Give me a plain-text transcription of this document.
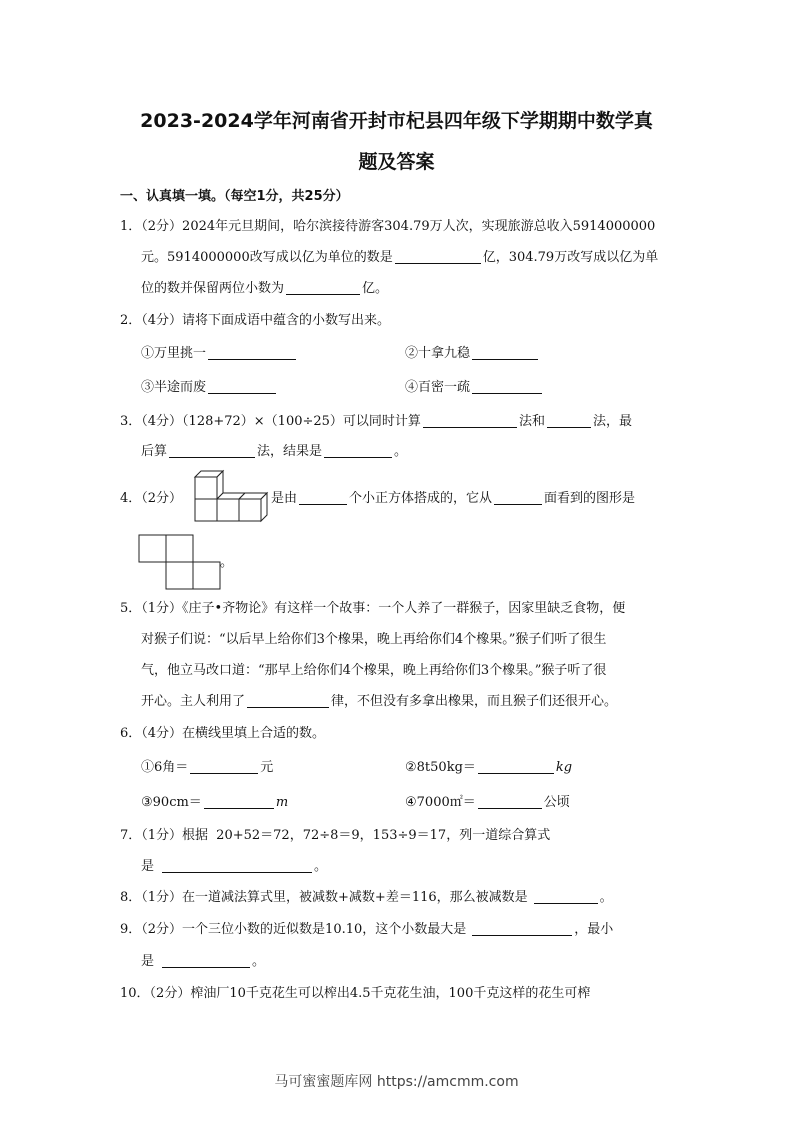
2023-2024学年河南省开封市杞县四年级下学期期中数学真
题及答案
一、认真填一填。（每空1分，共25分）
1．（2分）2024年元旦期间，哈尔滨接待游客304.79万人次，实现旅游总收入5914000000
元。5914000000改写成以亿为单位的数是	亿，304.79万改写成以亿为单
位的数并保留两位小数为	亿。
2．（4分）请将下面成语中蕴含的小数写出来。
①万里挑一	②十拿九稳
③半途而废	④百密一疏
3．（4分）（128+72）×（100÷25）可以同时计算	法和	法，最
后算	法，结果是	。
4．（2分）	是由	个小正方体搭成的，它从	面看到的图形是
。
5．（1分）《庄子•齐物论》有这样一个故事：一个人养了一群猴子，因家里缺乏食物，便
对猴子们说：“以后早上给你们3个橡果，晚上再给你们4个橡果。”猴子们听了很生
气，他立马改口道：“那早上给你们4个橡果，晚上再给你们3个橡果。”猴子听了很
开心。主人利用了	律，不但没有多拿出橡果，而且猴子们还很开心。
6．（4分）在横线里填上合适的数。
①6角＝	元	②8t50kg＝	kg
③90cm＝	m	④7000㎡＝	公顷
7．（1分）根据 20+52＝72，72÷8＝9，153÷9＝17，列一道综合算式
是	。
8．（1分）在一道减法算式里，被减数+减数+差＝116，那么被减数是	。
9．（2分）一个三位小数的近似数是10.10，这个小数最大是	，最小
是	。
10．（2分）榨油厂10千克花生可以榨出4.5千克花生油，100千克这样的花生可榨
马可蜜蜜题库网 https://amcmm.com
